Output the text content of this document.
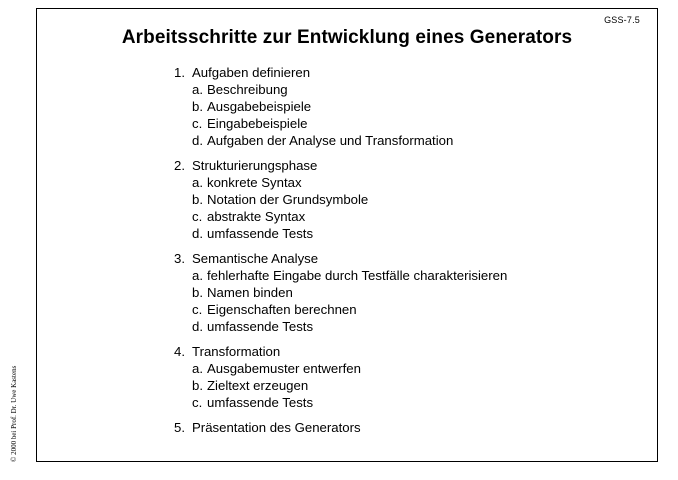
© 2000 bei Prof. Dr. Uwe Kastens
GSS-7.5
Arbeitsschritte zur Entwicklung eines Generators
1. Aufgaben definieren
a. Beschreibung
b. Ausgabebeispiele
c. Eingabebeispiele
d. Aufgaben der Analyse und Transformation
2. Strukturierungsphase
a. konkrete Syntax
b. Notation der Grundsymbole
c. abstrakte Syntax
d. umfassende Tests
3. Semantische Analyse
a. fehlerhafte Eingabe durch Testfälle charakterisieren
b. Namen binden
c. Eigenschaften berechnen
d. umfassende Tests
4. Transformation
a. Ausgabemuster entwerfen
b. Zieltext erzeugen
c. umfassende Tests
5. Präsentation des Generators
